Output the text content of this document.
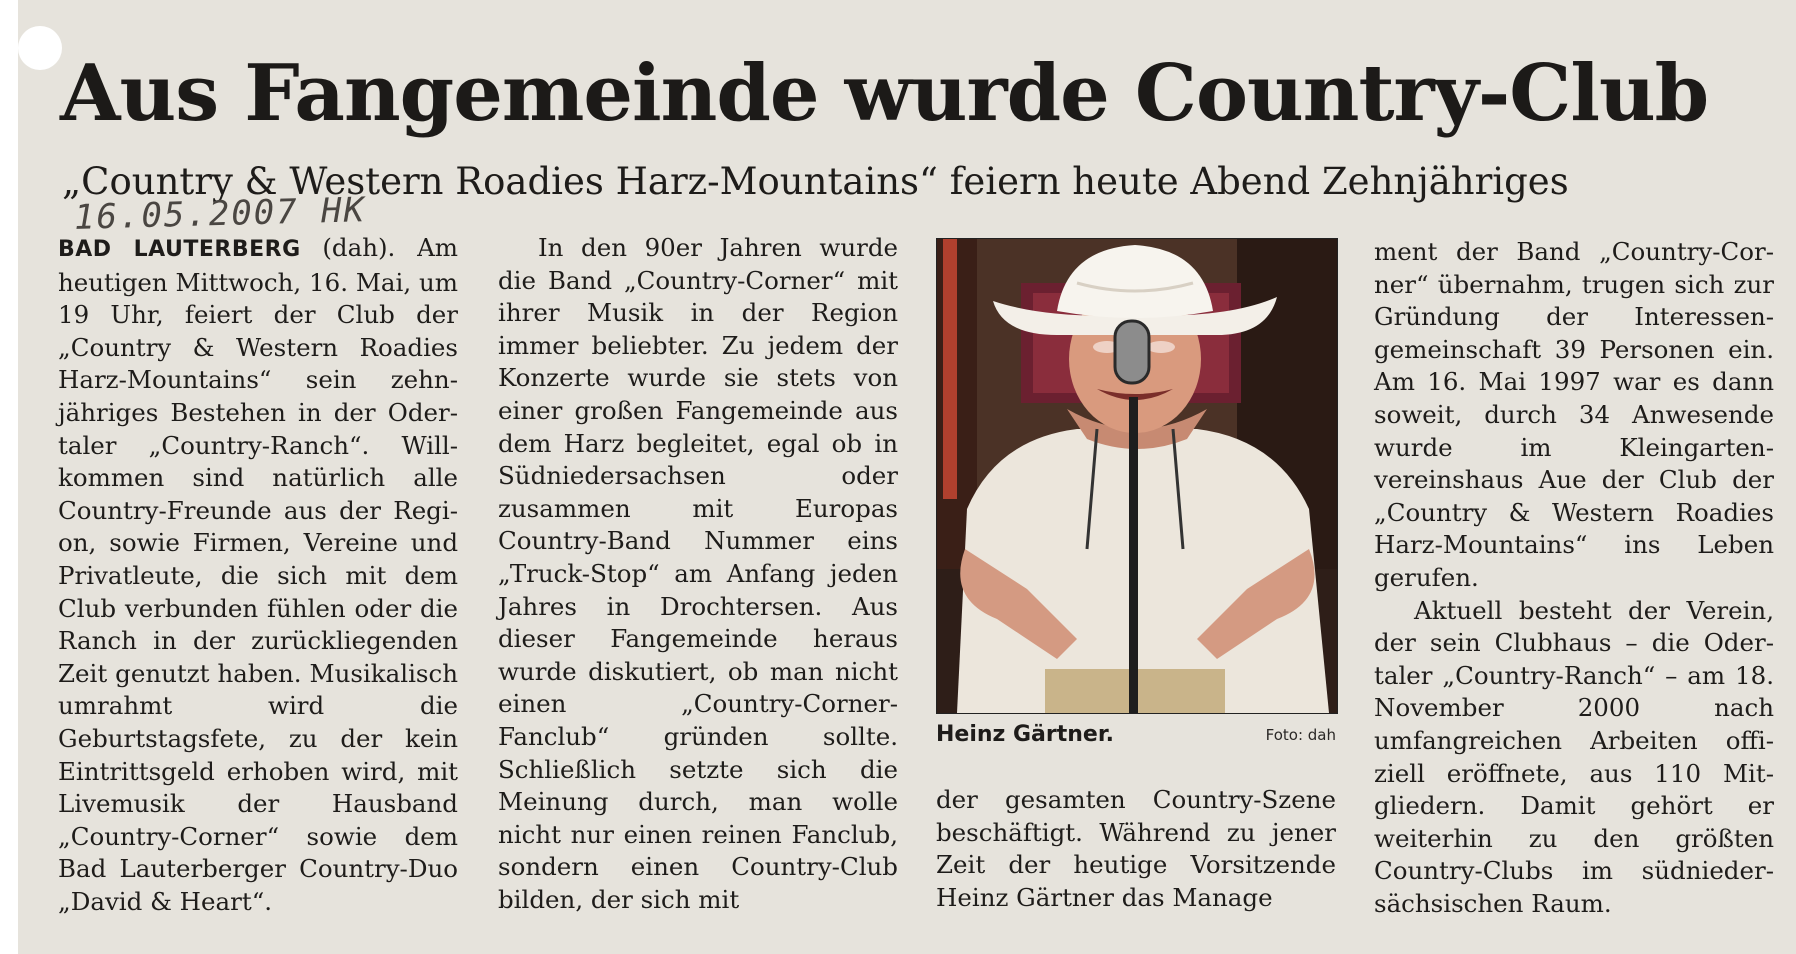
Aus Fangemeinde wurde Country-Club
„Country & Western Roadies Harz-Mountains“ feiern heute Abend Zehnjähriges
16.05.2007 HK

BAD LAUTERBERG (dah). Am heutigen Mittwoch, 16. Mai, um 19 Uhr, feiert der Club der „Country & Western Roadies Harz-Mountains“ sein zehnjähriges Bestehen in der Odertaler „Country-Ranch“. Willkommen sind natürlich alle Country-Freunde aus der Region, sowie Firmen, Vereine und Privatleute, die sich mit dem Club verbunden fühlen oder die Ranch in der zurückliegenden Zeit genutzt haben. Musikalisch umrahmt wird die Geburtstagsfete, zu der kein Eintrittsgeld erhoben wird, mit Livemusik der Hausband „Country-Corner“ sowie dem Bad Lauterberger Country-Duo „David & Heart“.

In den 90er Jahren wurde die Band „Country-Corner“ mit ihrer Musik in der Region immer beliebter. Zu jedem der Konzerte wurde sie stets von einer großen Fangemeinde aus dem Harz begleitet, egal ob in Südniedersachsen oder zusammen mit Europas Country-Band Nummer eins „Truck-Stop“ am Anfang jeden Jahres in Drochtersen. Aus dieser Fangemeinde heraus wurde diskutiert, ob man nicht einen „Country-Corner-Fanclub“ gründen sollte. Schließlich setzte sich die Meinung durch, man wolle nicht nur einen reinen Fanclub, sondern einen Country-Club bilden, der sich mit

Heinz Gärtner.	Foto: dah

der gesamten Country-Szene beschäftigt. Während zu jener Zeit der heutige Vorsitzende Heinz Gärtner das Manage

ment der Band „Country-Corner“ übernahm, trugen sich zur Gründung der Interessengemeinschaft 39 Personen ein. Am 16. Mai 1997 war es dann soweit, durch 34 Anwesende wurde im Kleingartenvereinshaus Aue der Club der „Country & Western Roadies Harz-Mountains“ ins Leben gerufen.

Aktuell besteht der Verein, der sein Clubhaus – die Odertaler „Country-Ranch“ – am 18. November 2000 nach umfangreichen Arbeiten offiziell eröffnete, aus 110 Mitgliedern. Damit gehört er weiterhin zu den größten Country-Clubs im südniedersächsischen Raum.
